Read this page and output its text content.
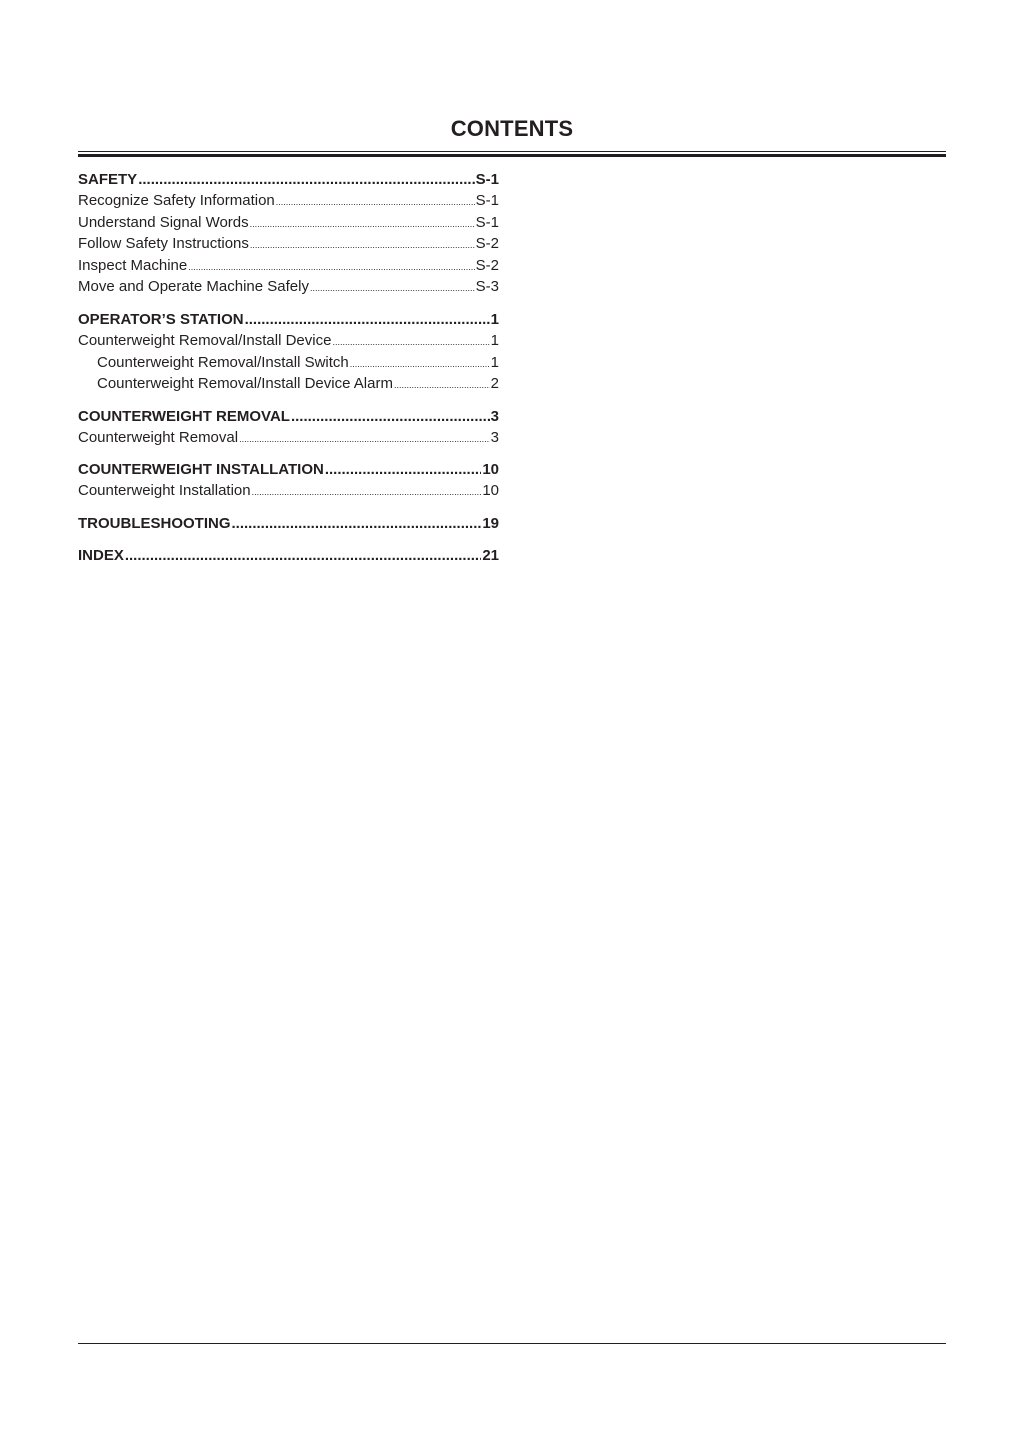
CONTENTS
SAFETY .....	S-1
Recognize Safety Information .....	S-1
Understand Signal Words .....	S-1
Follow Safety Instructions .....	S-2
Inspect Machine .....	S-2
Move and Operate Machine Safely .....	S-3
OPERATOR’S STATION .....	1
Counterweight Removal/Install Device .....	1
Counterweight Removal/Install Switch .....	1
Counterweight Removal/Install Device Alarm .....	2
COUNTERWEIGHT REMOVAL .....	3
Counterweight Removal .....	3
COUNTERWEIGHT INSTALLATION .....	10
Counterweight Installation .....	10
TROUBLESHOOTING .....	19
INDEX .....	21
